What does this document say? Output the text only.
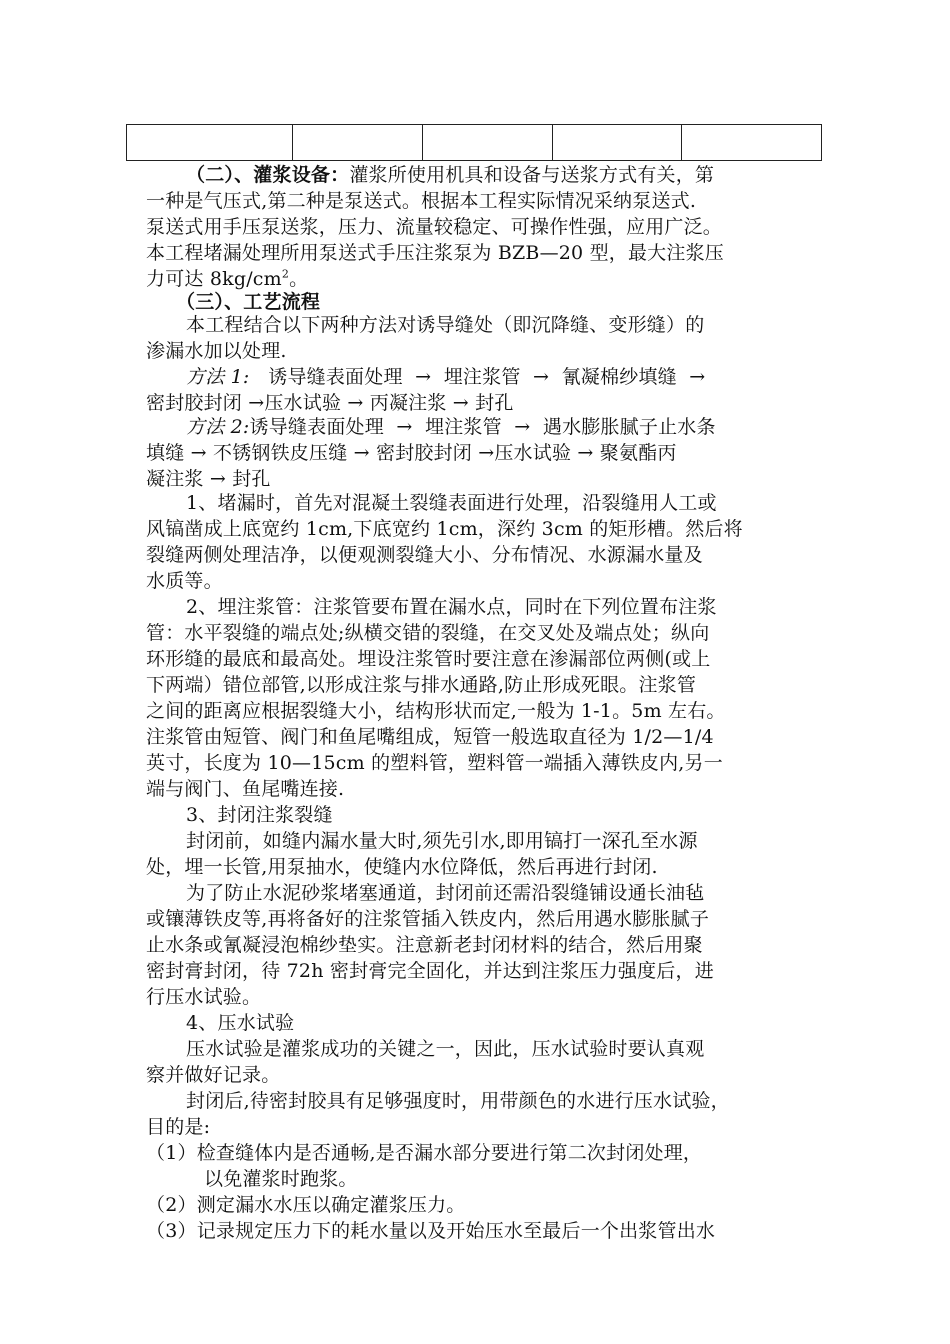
（二）、灌浆设备：灌浆所使用机具和设备与送浆方式有关，第
一种是气压式,第二种是泵送式。根据本工程实际情况采纳泵送式.
泵送式用手压泵送浆，压力、流量较稳定、可操作性强，应用广泛。
本工程堵漏处理所用泵送式手压注浆泵为 BZB—20 型，最大注浆压
力可达 $8kg/cm^2$。
（三）、工艺流程
本工程结合以下两种方法对诱导缝处（即沉降缝、变形缝）的
渗漏水加以处理.
方法 1:   诱导缝表面处理  →  埋注浆管  →  氰凝棉纱填缝  →
密封胶封闭 →压水试验 → 丙凝注浆 → 封孔
方法 2:诱导缝表面处理  →  埋注浆管  →  遇水膨胀腻子止水条
填缝 → 不锈钢铁皮压缝 → 密封胶封闭 →压水试验 → 聚氨酯丙
凝注浆 → 封孔
1、堵漏时，首先对混凝土裂缝表面进行处理，沿裂缝用人工或
风镐凿成上底宽约 1cm,下底宽约 1cm，深约 3cm 的矩形槽。然后将
裂缝两侧处理洁净，以便观测裂缝大小、分布情况、水源漏水量及
水质等。
2、埋注浆管：注浆管要布置在漏水点，同时在下列位置布注浆
管：水平裂缝的端点处;纵横交错的裂缝，在交叉处及端点处；纵向
环形缝的最底和最高处。埋设注浆管时要注意在渗漏部位两侧(或上
下两端）错位部管,以形成注浆与排水通路,防止形成死眼。注浆管
之间的距离应根据裂缝大小，结构形状而定,一般为 1-1。5m 左右。
注浆管由短管、阀门和鱼尾嘴组成，短管一般选取直径为 1/2—1/4
英寸，长度为 10—15cm 的塑料管，塑料管一端插入薄铁皮内,另一
端与阀门、鱼尾嘴连接.
3、封闭注浆裂缝
封闭前，如缝内漏水量大时,须先引水,即用镐打一深孔至水源
处，埋一长管,用泵抽水，使缝内水位降低，然后再进行封闭.
为了防止水泥砂浆堵塞通道，封闭前还需沿裂缝铺设通长油毡
或镶薄铁皮等,再将备好的注浆管插入铁皮内，然后用遇水膨胀腻子
止水条或氰凝浸泡棉纱垫实。注意新老封闭材料的结合，然后用聚
密封膏封闭，待 72h 密封膏完全固化，并达到注浆压力强度后，进
行压水试验。
4、压水试验
压水试验是灌浆成功的关键之一，因此，压水试验时要认真观
察并做好记录。
封闭后,待密封胶具有足够强度时，用带颜色的水进行压水试验，
目的是:
（1）检查缝体内是否通畅,是否漏水部分要进行第二次封闭处理，
以免灌浆时跑浆。
（2）测定漏水水压以确定灌浆压力。
（3）记录规定压力下的耗水量以及开始压水至最后一个出浆管出水
